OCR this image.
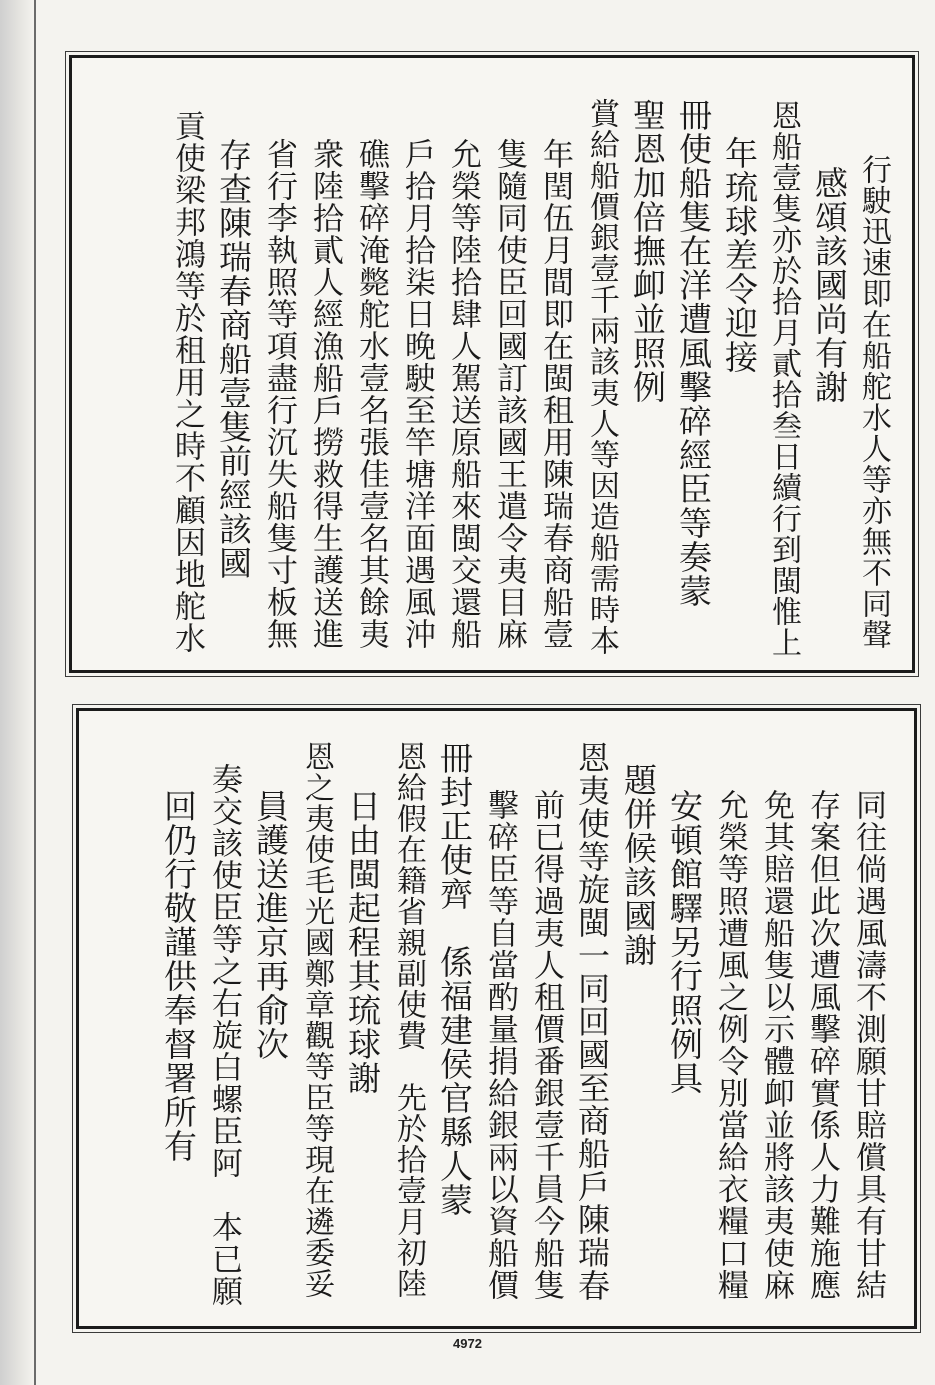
行駛迅速即在船舵水人等亦無不同聲
感頌該國尚有謝
恩船壹隻亦於拾月貳拾叁日續行到閩惟上
年琉球差令迎接
冊使船隻在洋遭風擊碎經臣等奏蒙
聖恩加倍撫卹並照例
賞給船價銀壹千兩該夷人等因造船需時本
年閏伍月間即在閩租用陳瑞春商船壹
隻隨同使臣回國訂該國王遣令夷目麻
允榮等陸拾肆人駕送原船來閩交還船
戶拾月拾柒日晚駛至竿塘洋面遇風沖
礁擊碎淹斃舵水壹名張佳壹名其餘夷
衆陸拾貳人經漁船戶撈救得生護送進
省行李執照等項盡行沉失船隻寸板無
存查陳瑞春商船壹隻前經該國
貢使梁邦鴻等於租用之時不顧因地舵水
同往倘遇風濤不測願甘賠償具有甘結
存案但此次遭風擊碎實係人力難施應
免其賠還船隻以示體卹並將該夷使麻
允榮等照遭風之例令別當給衣糧口糧
安頓館驛另行照例具
題併候該國謝
恩夷使等旋閩一同回國至商船戶陳瑞春
前已得過夷人租價番銀壹千員今船隻
擊碎臣等自當酌量捐給銀兩以資船價
冊封正使齊　係福建侯官縣人蒙
恩給假在籍省親副使費　先於拾壹月初陸
日由閩起程其琉球謝
恩之夷使毛光國鄭章觀等臣等現在遴委妥
員護送進京再俞次
奏交該使臣等之右旋白螺臣阿　本已願
回仍行敬謹供奉督署所有
4972
